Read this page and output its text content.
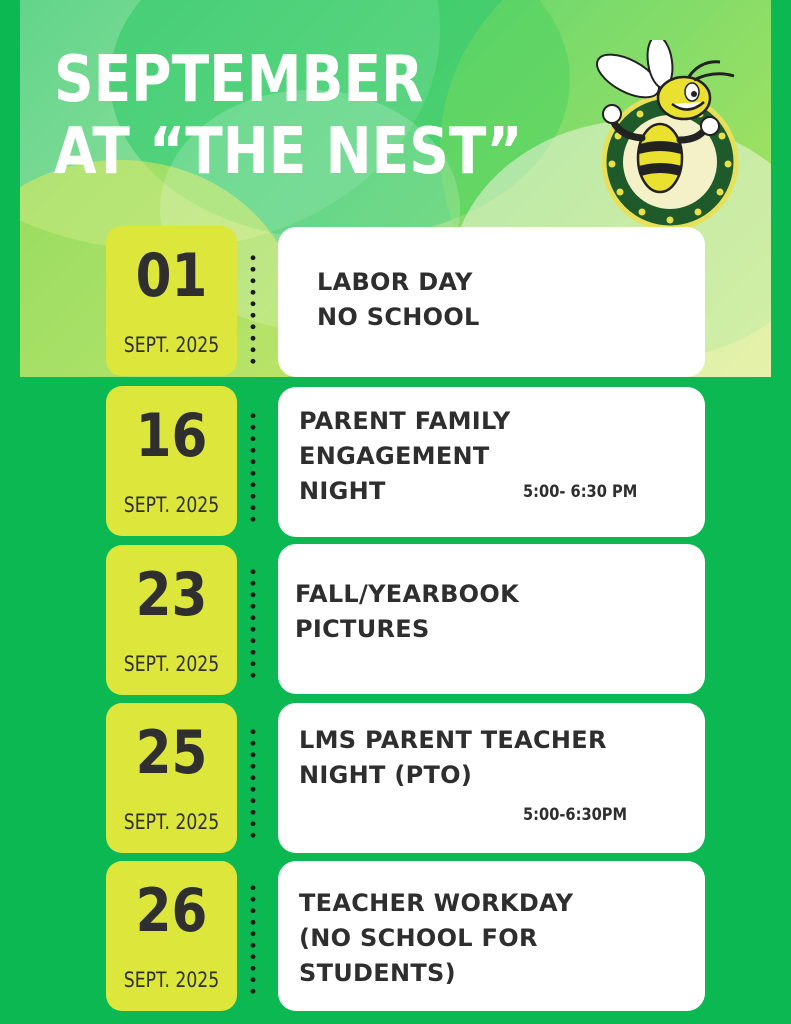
SEPTEMBER
AT “THE NEST”
01
SEPT. 2025
LABOR DAY
NO SCHOOL
16
SEPT. 2025
PARENT FAMILY
ENGAGEMENT
NIGHT	5:00- 6:30 PM
23
SEPT. 2025
FALL/YEARBOOK
PICTURES
25
SEPT. 2025
LMS PARENT TEACHER
NIGHT (PTO)
5:00-6:30PM
26
SEPT. 2025
TEACHER WORKDAY
(NO SCHOOL FOR
STUDENTS)
